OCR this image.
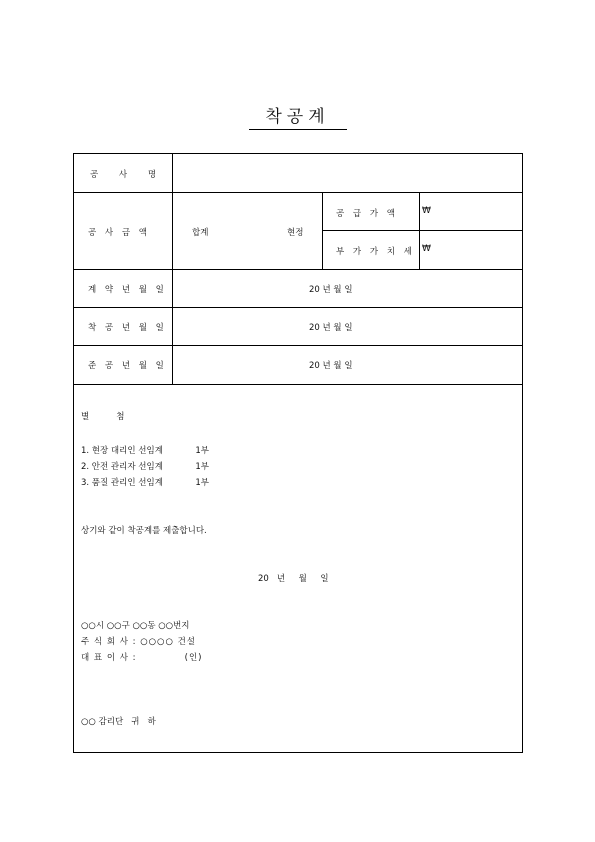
착공계
공 사 명
공 사 금 액	합계	현정
공 급 가 액	₩
부 가 가 치 세 ₩
계 약 년 월 일	20 년 월 일
착 공 년 월 일	20 년 월 일
준 공 년 월 일	20 년 월 일
별          첨
1. 현장 대리인 선임계            1부
2. 안전 관리자 선임계            1부
3. 품질 관리인 선임계            1부
상기와 같이 착공계를 제출합니다.
20   년     월     일
○○시 ○○구 ○○동 ○○번지
주 식 회 사 : ○○○○ 건설
대 표 이 사 :             (인)
○○ 감리단   귀   하
